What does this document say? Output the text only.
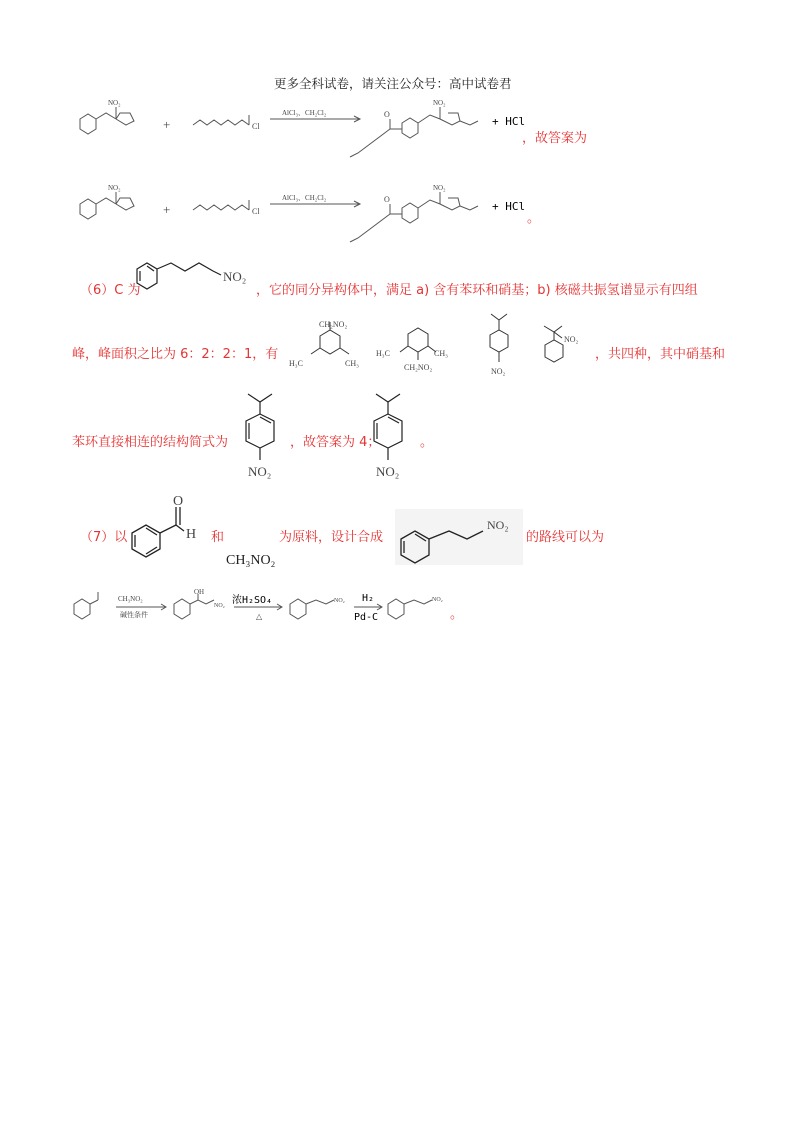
更多全科试卷，请关注公众号：高中试卷君
NO₂
+	Cl
AlCl₃、CH₂Cl₂
NO₂
O
+ HCl
，故答案为
NO₂
+	Cl
AlCl₃、CH₂Cl₂
NO₂
O
+ HCl
。
（6）C 为
NO₂
，它的同分异构体中，满足 a) 含有苯环和硝基；b) 核磁共振氢谱显示有四组
峰，峰面积之比为 6：2：2：1，有
CH₂NO₂
H₃C	CH₃
H₃C	CH₃
CH₂NO₂	NO₂
NO₂
，共四种，其中硝基和
苯环直接相连的结构简式为
NO₂
，故答案为 4；
NO₂
。
（7）以
O
H 和
CH₃NO₂
为原料，设计合成
NO₂
的路线可以为
CH₃NO₂
碱性条件
OH
NO₂ 浓H₂SO₄
△
NO₂ H₂
Pd-C
NO₂
。
